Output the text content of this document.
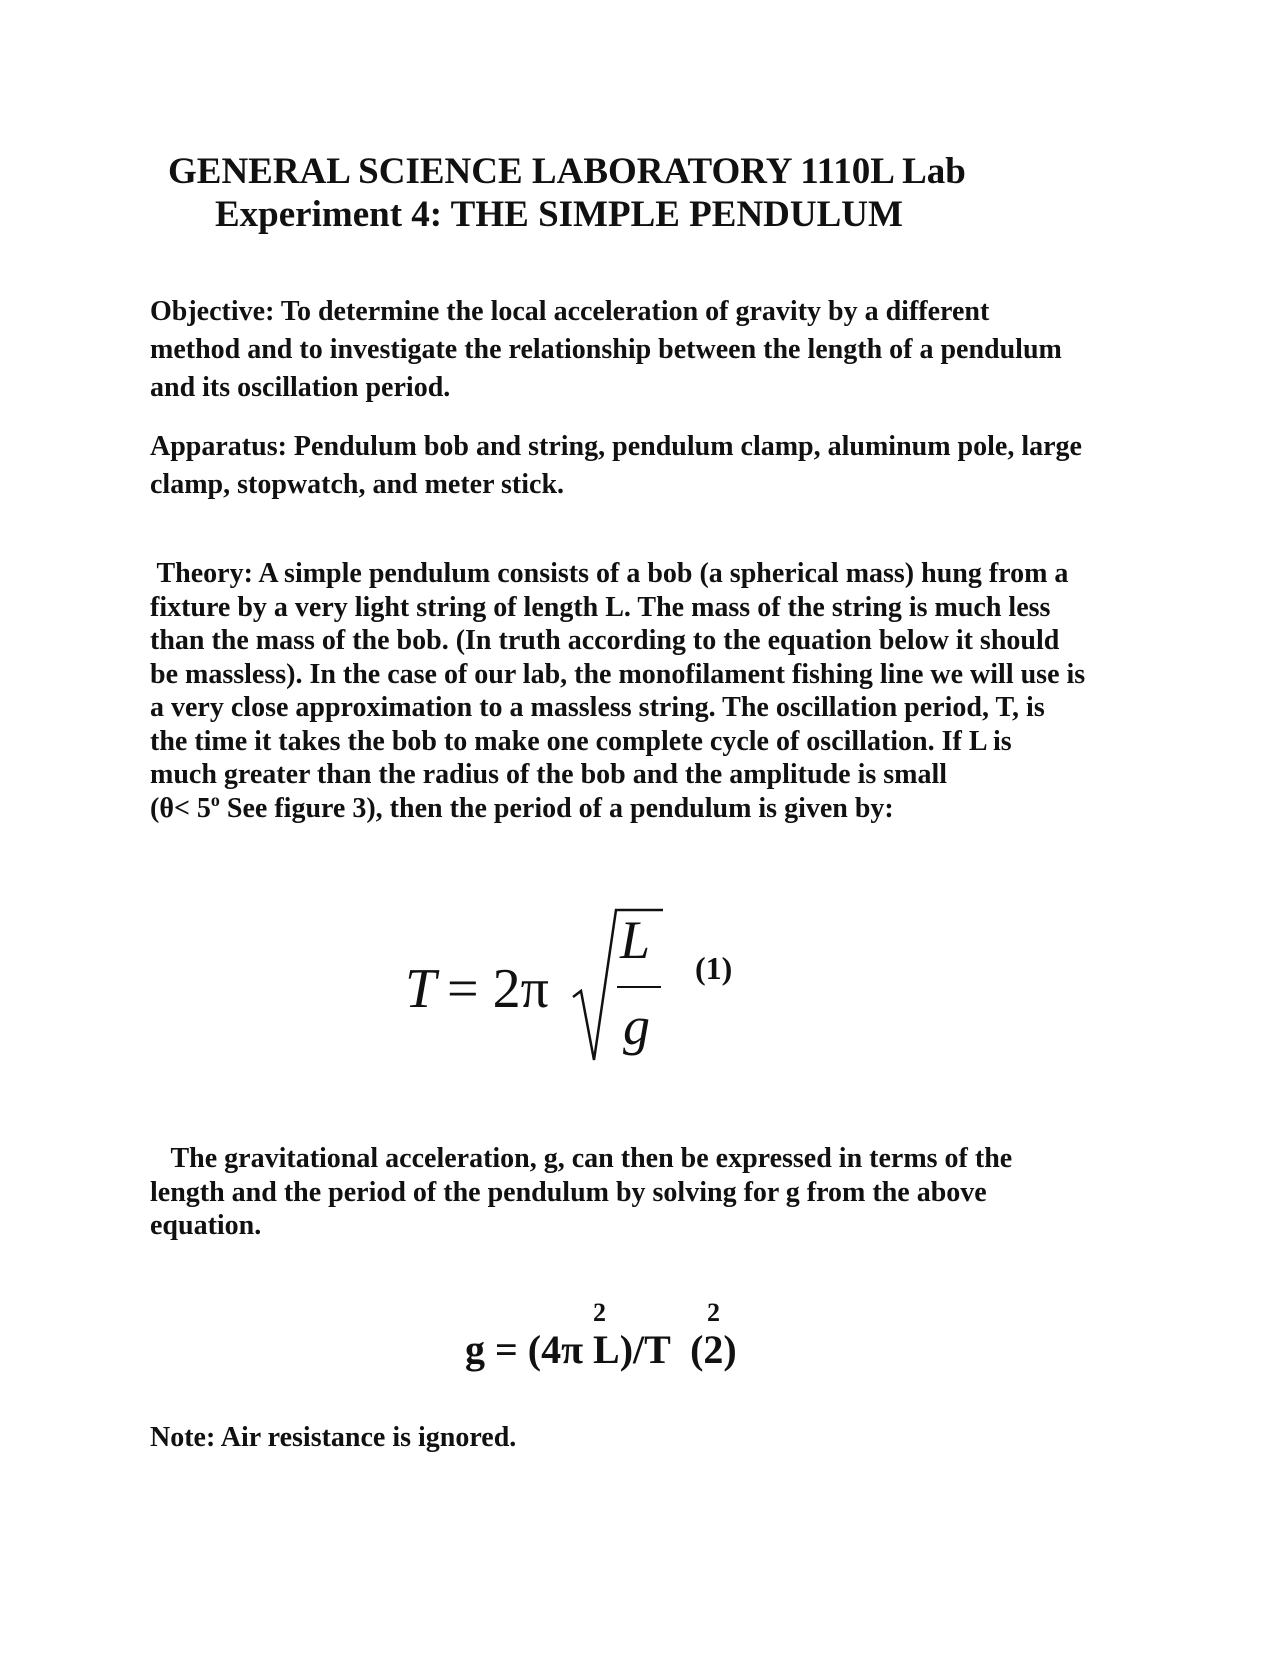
GENERAL SCIENCE LABORATORY 1110L Lab
Experiment 4: THE SIMPLE PENDULUM
Objective: To determine the local acceleration of gravity by a different
method and to investigate the relationship between the length of a pendulum
and its oscillation period.
Apparatus: Pendulum bob and string, pendulum clamp, aluminum pole, large
clamp, stopwatch, and meter stick.
Theory: A simple pendulum consists of a bob (a spherical mass) hung from a
fixture by a very light string of length L. The mass of the string is much less
than the mass of the bob. (In truth according to the equation below it should
be massless). In the case of our lab, the monofilament fishing line we will use is
a very close approximation to a massless string. The oscillation period, T, is
the time it takes the bob to make one complete cycle of oscillation. If L is
much greater than the radius of the bob and the amplitude is small
($\theta< 5^o$ See figure 3), then the period of a pendulum is given by:
T = 2π
L
g
(1)
The gravitational acceleration, g, can then be expressed in terms of the
length and the period of the pendulum by solving for g from the above
equation.
2	2
g = (4π L)/T  (2)
Note: Air resistance is ignored.
